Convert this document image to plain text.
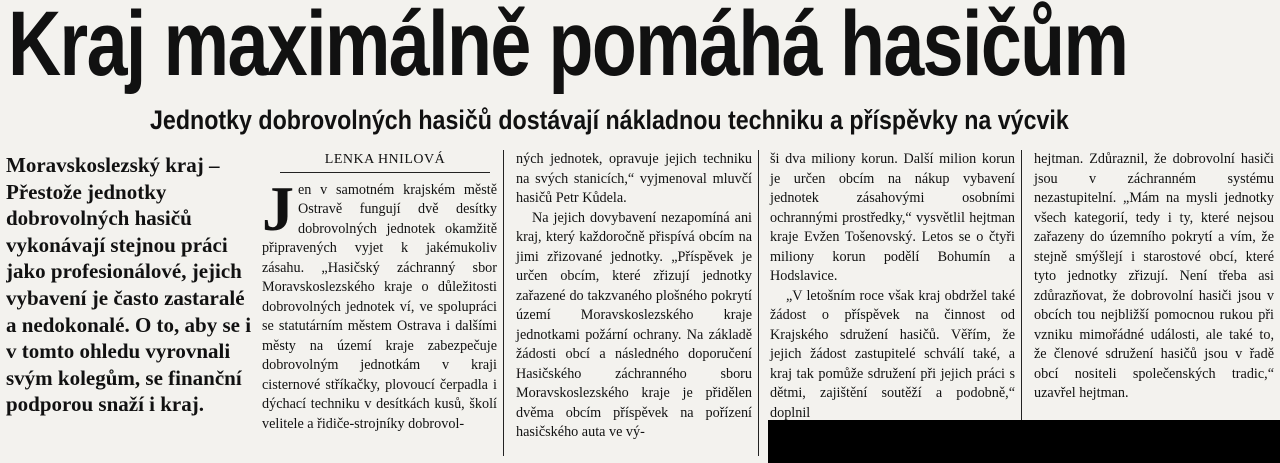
Kraj maximálně pomáhá hasičům
Jednotky dobrovolných hasičů dostávají nákladnou techniku a příspěvky na výcvik
Moravskoslezský kraj – Přestože jednotky dobrovolných hasičů vykonávají stejnou práci jako profesionálové, jejich vybavení je často zastaralé a nedokonalé. O to, aby se i v tomto ohledu vyrovnali svým kolegům, se finanční podporou snaží i kraj.
LENKA HNILOVÁ

Jen v samotném krajském městě Ostravě fungují dvě desítky dobrovolných jednotek okamžitě připravených vyjet k jakémukoliv zásahu. „Hasičský záchranný sbor Moravskoslezského kraje o důležitosti dobrovolných jednotek ví, ve spolupráci se statutárním městem Ostrava i dalšími městy na území kraje zabezpečuje dobrovolným jednotkám v kraji cisternové stříkačky, plovoucí čerpadla i dýchací techniku v desítkách kusů, školí velitele a řidiče-strojníky dobrovol-

ných jednotek, opravuje jejich techniku na svých stanicích,“ vyjmenoval mluvčí hasičů Petr Kůdela.

Na jejich dovybavení nezapomíná ani kraj, který každoročně přispívá obcím na jimi zřizované jednotky. „Příspěvek je určen obcím, které zřizují jednotky zařazené do takzvaného plošného pokrytí území Moravskoslezského kraje jednotkami požární ochrany. Na základě žádosti obcí a následného doporučení Hasičského záchranného sboru Moravskoslezského kraje je přidělen dvěma obcím příspěvek na pořízení hasičského auta ve vý-

ši dva miliony korun. Další milion korun je určen obcím na nákup vybavení jednotek zásahovými osobními ochrannými prostředky,“ vysvětlil hejtman kraje Evžen Tošenovský. Letos se o čtyři miliony korun podělí Bohumín a Hodslavice.

„V letošním roce však kraj obdržel také žádost o příspěvek na činnost od Krajského sdružení hasičů. Věřím, že jejich žádost zastupitelé schválí také, a kraj tak pomůže sdružení při jejich práci s dětmi, zajištění soutěží a podobně,“ doplnil

hejtman. Zdůraznil, že dobrovolní hasiči jsou v záchranném systému nezastupitelní. „Mám na mysli jednotky všech kategorií, tedy i ty, které nejsou zařazeny do územního pokrytí a vím, že stejně smýšlejí i starostové obcí, které tyto jednotky zřizují. Není třeba asi zdůrazňovat, že dobrovolní hasiči jsou v obcích tou nejbližší pomocnou rukou při vzniku mimořádné události, ale také to, že členové sdružení hasičů jsou v řadě obcí nositeli společenských tradic,“ uzavřel hejtman.
